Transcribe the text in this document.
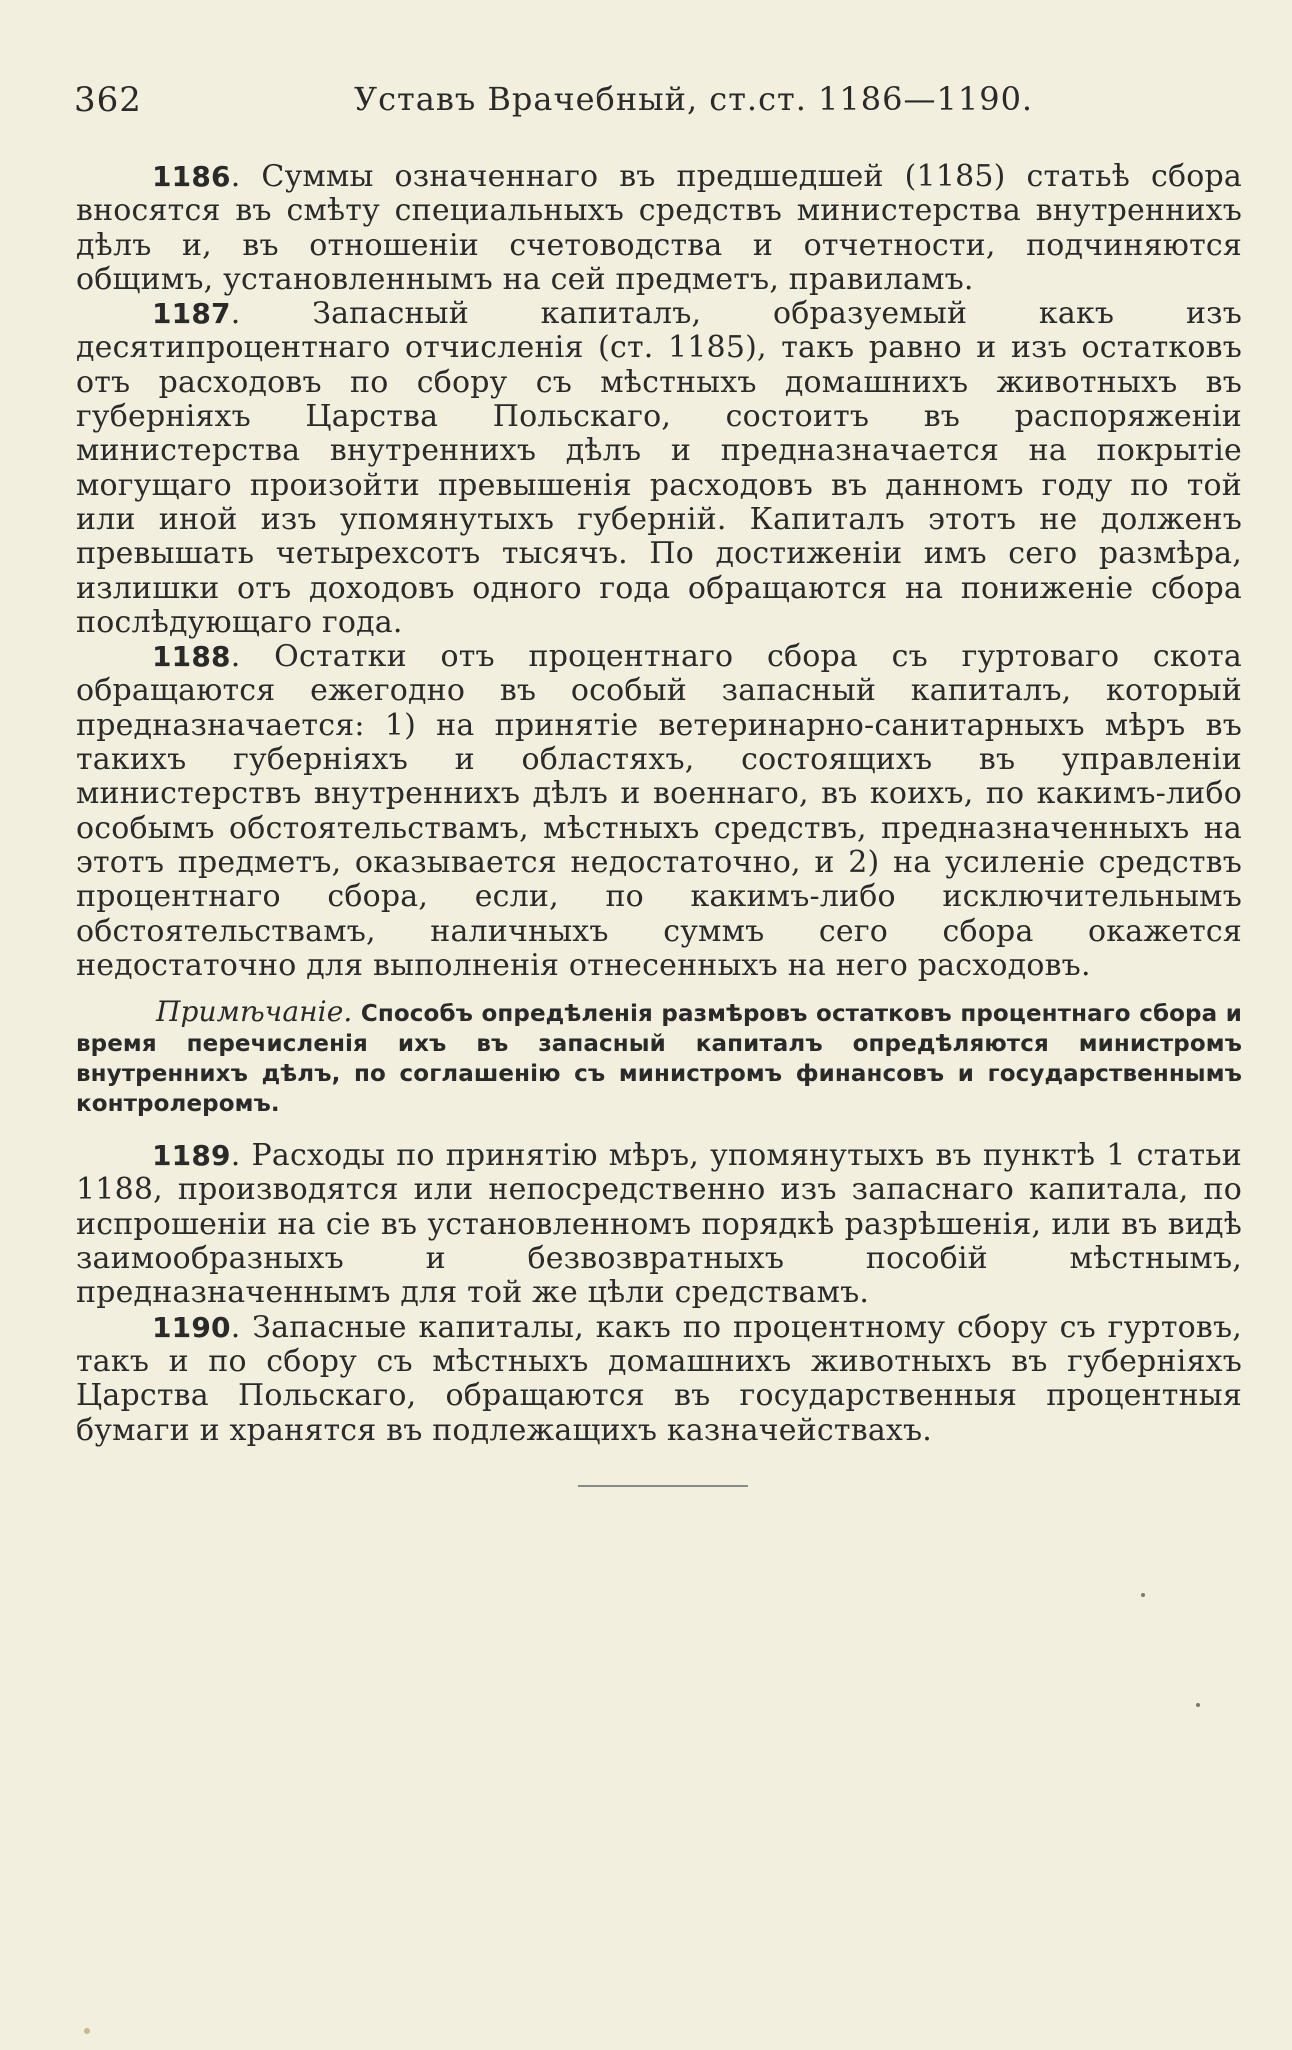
362	Уставъ Врачебный, ст.ст. 1186—1190.

1186. Суммы означеннаго въ предшедшей (1185) статьѣ сбора вносятся въ смѣту специальныхъ средствъ министерства внутреннихъ дѣлъ и, въ отношеніи счетоводства и отчетности, подчиняются общимъ, установленнымъ на сей предметъ, правиламъ.

1187. Запасный капиталъ, образуемый какъ изъ десятипроцентнаго отчисленія (ст. 1185), такъ равно и изъ остатковъ отъ расходовъ по сбору съ мѣстныхъ домашнихъ животныхъ въ губерніяхъ Царства Польскаго, состоитъ въ распоряженіи министерства внутреннихъ дѣлъ и предназначается на покрытіе могущаго произойти превышенія расходовъ въ данномъ году по той или иной изъ упомянутыхъ губерній. Капиталъ этотъ не долженъ превышать четырехсотъ тысячъ. По достиженіи имъ сего размѣра, излишки отъ доходовъ одного года обращаются на пониженіе сбора послѣдующаго года.

1188. Остатки отъ процентнаго сбора съ гуртоваго скота обращаются ежегодно въ особый запасный капиталъ, который предназначается: 1) на принятіе ветеринарно-санитарныхъ мѣръ въ такихъ губерніяхъ и областяхъ, состоящихъ въ управленіи министерствъ внутреннихъ дѣлъ и военнаго, въ коихъ, по какимъ-либо особымъ обстоятельствамъ, мѣстныхъ средствъ, предназначенныхъ на этотъ предметъ, оказывается недостаточно, и 2) на усиленіе средствъ процентнаго сбора, если, по какимъ-либо исключительнымъ обстоятельствамъ, наличныхъ суммъ сего сбора окажется недостаточно для выполненія отнесенныхъ на него расходовъ.

Примѣчаніе. Способъ опредѣленія размѣровъ остатковъ процентнаго сбора и время перечисленія ихъ въ запасный капиталъ опредѣляются министромъ внутреннихъ дѣлъ, по соглашенію съ министромъ финансовъ и государственнымъ контролеромъ.

1189. Расходы по принятію мѣръ, упомянутыхъ въ пунктѣ 1 статьи 1188, производятся или непосредственно изъ запаснаго капитала, по испрошеніи на сіе въ установленномъ порядкѣ разрѣшенія, или въ видѣ заимообразныхъ и безвозвратныхъ пособій мѣстнымъ, предназначеннымъ для той же цѣли средствамъ.

1190. Запасные капиталы, какъ по процентному сбору съ гуртовъ, такъ и по сбору съ мѣстныхъ домашнихъ животныхъ въ губерніяхъ Царства Польскаго, обращаются въ государственныя процентныя бумаги и хранятся въ подлежащихъ казначействахъ.
